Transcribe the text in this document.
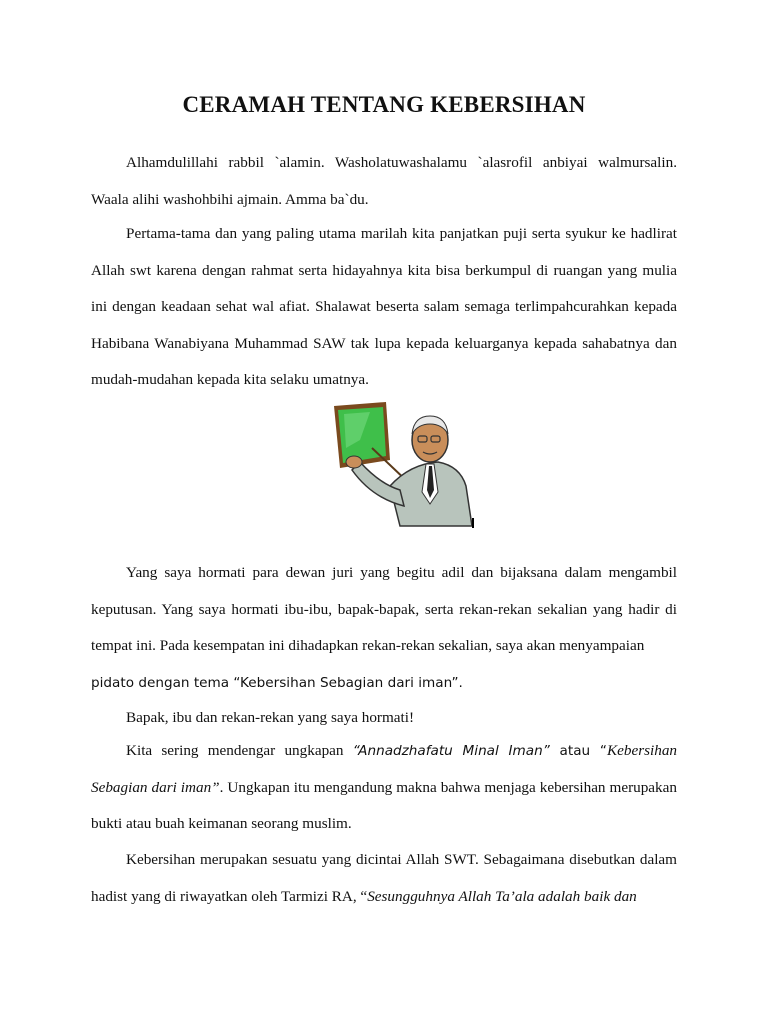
CERAMAH TENTANG KEBERSIHAN

Alhamdulillahi rabbil `alamin. Washolatuwashalamu `alasrofil anbiyai walmursalin. Waala alihi washohbihi ajmain. Amma ba`du.

Pertama-tama dan yang paling utama marilah kita panjatkan puji serta syukur ke hadlirat Allah swt karena dengan rahmat serta hidayahnya kita bisa berkumpul di ruangan yang mulia ini dengan keadaan sehat wal afiat. Shalawat beserta salam semaga terlimpahcurahkan kepada Habibana Wanabiyana Muhammad SAW tak lupa kepada keluarganya kepada sahabatnya dan mudah-mudahan kepada kita selaku umatnya.

Yang saya hormati para dewan juri yang begitu adil dan bijaksana dalam mengambil keputusan. Yang saya hormati ibu-ibu, bapak-bapak, serta rekan-rekan sekalian yang hadir di tempat ini. Pada kesempatan ini dihadapkan rekan-rekan sekalian, saya akan menyampaian
pidato dengan tema “Kebersihan Sebagian dari iman”.

Bapak, ibu dan rekan-rekan yang saya hormati!

Kita sering mendengar ungkapan “Annadzhafatu Minal Iman” atau “Kebersihan Sebagian dari iman”. Ungkapan itu mengandung makna bahwa menjaga kebersihan merupakan bukti atau buah keimanan seorang muslim.

Kebersihan merupakan sesuatu yang dicintai Allah SWT. Sebagaimana disebutkan dalam hadist yang di riwayatkan oleh Tarmizi RA, “Sesungguhnya Allah Ta’ala adalah baik dan
